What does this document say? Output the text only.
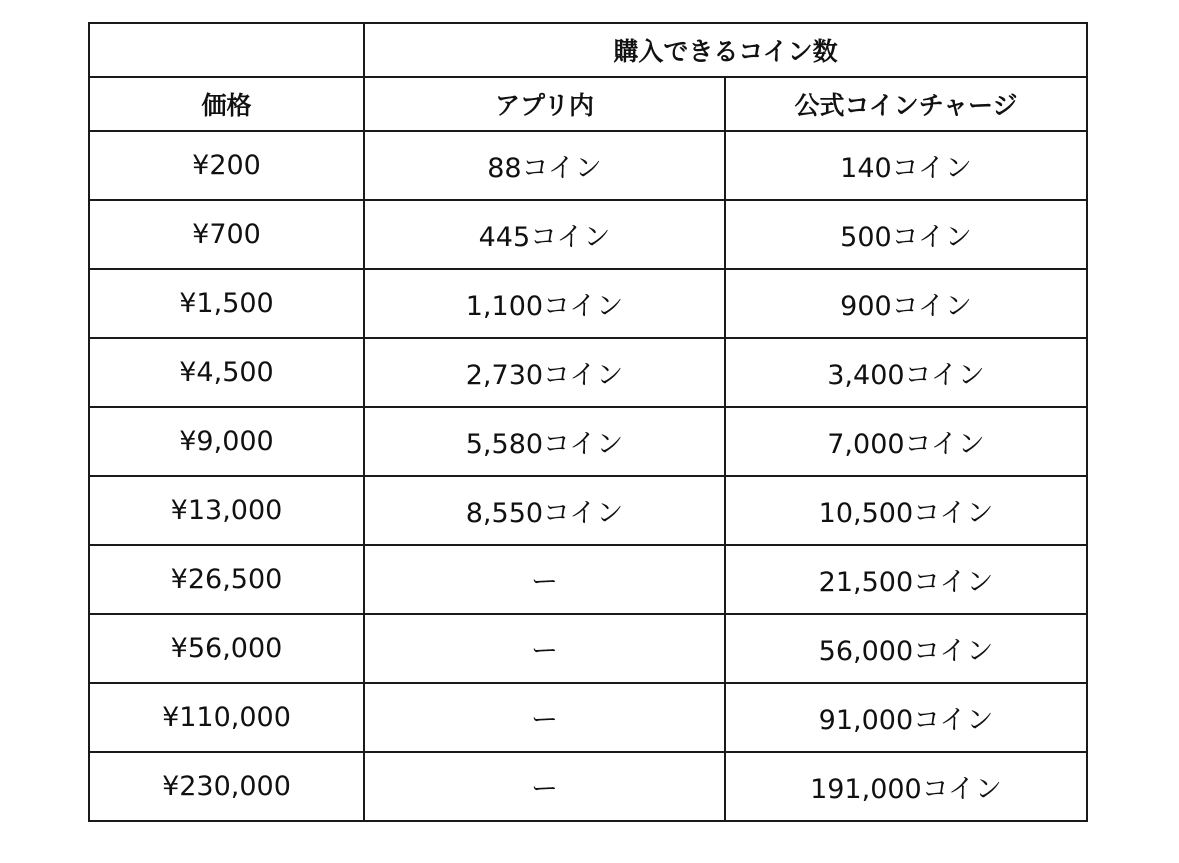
	購入できるコイン数	
価格	アプリ内	公式コインチャージ
¥200	88コイン	140コイン
¥700	445コイン	500コイン
¥1,500	1,100コイン	900コイン
¥4,500	2,730コイン	3,400コイン
¥9,000	5,580コイン	7,000コイン
¥13,000	8,550コイン	10,500コイン
¥26,500	ー	21,500コイン
¥56,000	ー	56,000コイン
¥110,000	ー	91,000コイン
¥230,000	ー	191,000コイン
